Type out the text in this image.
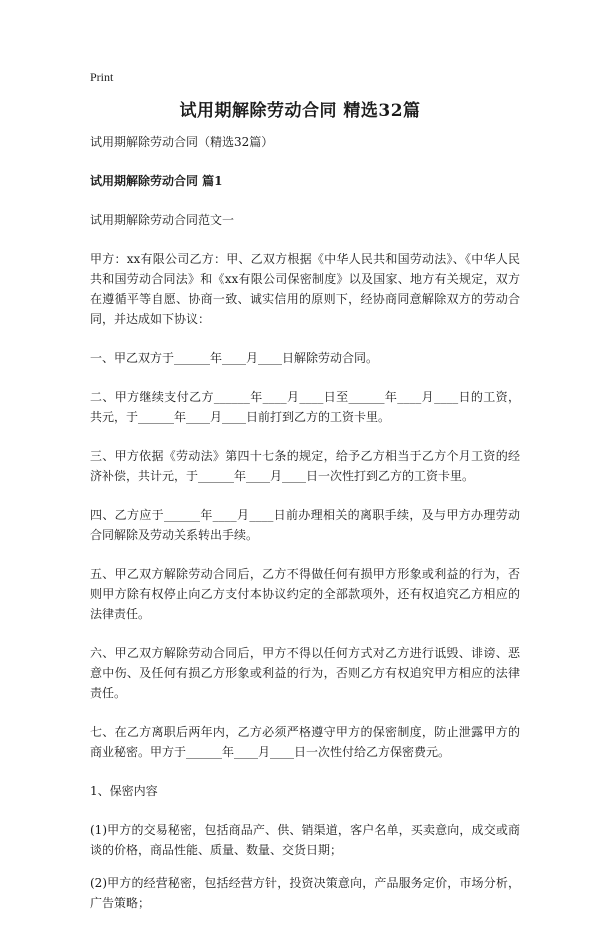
Print
试用期解除劳动合同 精选32篇

试用期解除劳动合同（精选32篇）

试用期解除劳动合同 篇1

试用期解除劳动合同范文一

甲方：xx有限公司乙方：甲、乙双方根据《中华人民共和国劳动法》、《中华人民共和国劳动合同法》和《xx有限公司保密制度》以及国家、地方有关规定，双方在遵循平等自愿、协商一致、诚实信用的原则下，经协商同意解除双方的劳动合同，并达成如下协议：

一、甲乙双方于______年____月____日解除劳动合同。

二、甲方继续支付乙方______年____月____日至______年____月____日的工资，共元，于______年____月____日前打到乙方的工资卡里。

三、甲方依据《劳动法》第四十七条的规定，给予乙方相当于乙方个月工资的经济补偿，共计元，于______年____月____日一次性打到乙方的工资卡里。

四、乙方应于______年____月____日前办理相关的离职手续，及与甲方办理劳动合同解除及劳动关系转出手续。

五、甲乙双方解除劳动合同后，乙方不得做任何有损甲方形象或利益的行为，否则甲方除有权停止向乙方支付本协议约定的全部款项外，还有权追究乙方相应的法律责任。

六、甲乙双方解除劳动合同后，甲方不得以任何方式对乙方进行诋毁、诽谤、恶意中伤、及任何有损乙方形象或利益的行为，否则乙方有权追究甲方相应的法律责任。

七、在乙方离职后两年内，乙方必须严格遵守甲方的保密制度，防止泄露甲方的商业秘密。甲方于______年____月____日一次性付给乙方保密费元。

1、保密内容

(1)甲方的交易秘密，包括商品产、供、销渠道，客户名单，买卖意向，成交或商谈的价格，商品性能、质量、数量、交货日期；

(2)甲方的经营秘密，包括经营方针，投资决策意向，产品服务定价，市场分析，广告策略；
